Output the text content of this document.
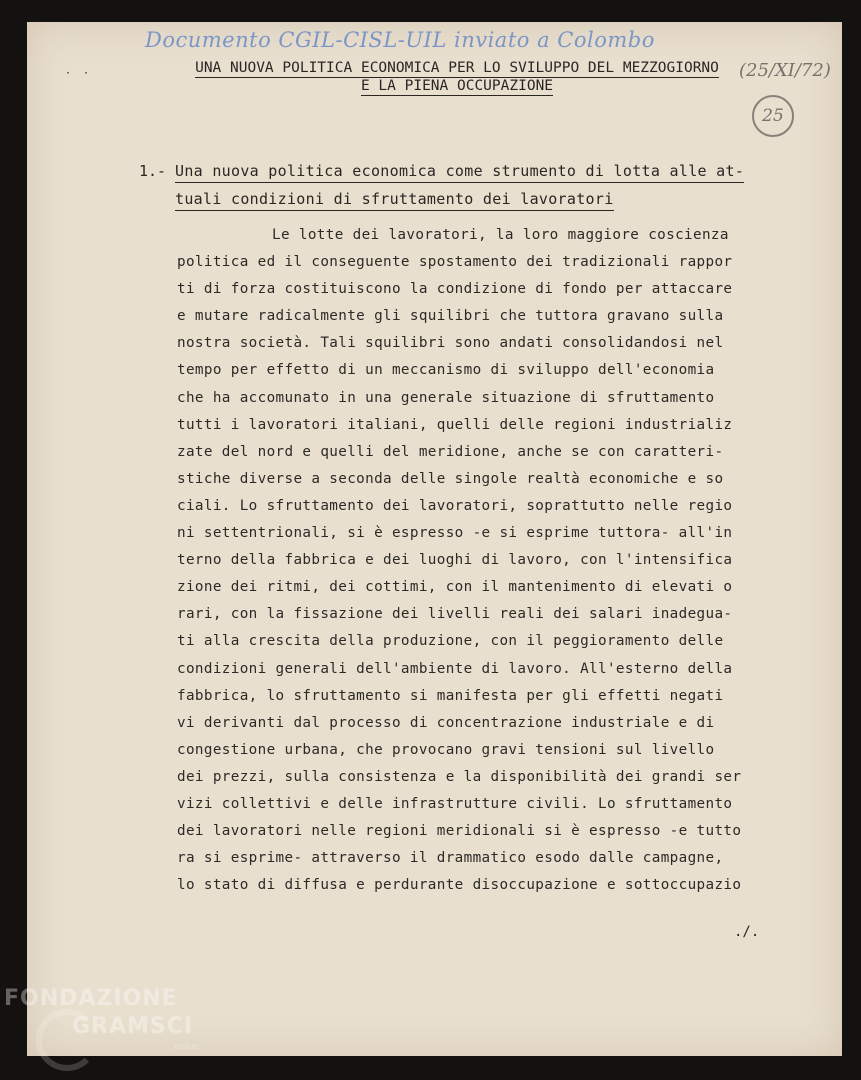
·  ·
Documento CGIL-CISL-UIL inviato a Colombo
(25/XI/72)
25
UNA NUOVA POLITICA ECONOMICA PER LO SVILUPPO DEL MEZZOGIORNO
E LA PIENA OCCUPAZIONE
1.- Una nuova politica economica come strumento di lotta alle at-
tuali condizioni di sfruttamento dei lavoratori
Le lotte dei lavoratori, la loro maggiore coscienza
politica ed il conseguente spostamento dei tradizionali rappor
ti di forza costituiscono la condizione di fondo per attaccare
e mutare radicalmente gli squilibri che tuttora gravano sulla
nostra società. Tali squilibri sono andati consolidandosi nel
tempo per effetto di un meccanismo di sviluppo dell'economia
che ha accomunato in una generale situazione di sfruttamento
tutti i lavoratori italiani, quelli delle regioni industrializ
zate del nord e quelli del meridione, anche se con caratteri-
stiche diverse a seconda delle singole realtà economiche e so
ciali. Lo sfruttamento dei lavoratori, soprattutto nelle regio
ni settentrionali, si è espresso -e si esprime tuttora- all'in
terno della fabbrica e dei luoghi di lavoro, con l'intensifica
zione dei ritmi, dei cottimi, con il mantenimento di elevati o
rari, con la fissazione dei livelli reali dei salari inadegua-
ti alla crescita della produzione, con il peggioramento delle
condizioni generali dell'ambiente di lavoro. All'esterno della
fabbrica, lo sfruttamento si manifesta per gli effetti negati
vi derivanti dal processo di concentrazione industriale e di
congestione urbana, che provocano gravi tensioni sul livello
dei prezzi, sulla consistenza e la disponibilità dei grandi ser
vizi collettivi e delle infrastrutture civili. Lo sfruttamento
dei lavoratori nelle regioni meridionali si è espresso -e tutto
ra si esprime- attraverso il drammatico esodo dalle campagne,
lo stato di diffusa e perdurante disoccupazione e sottoccupazio
./.
FONDAZIONE
GRAMSCI
onlus
